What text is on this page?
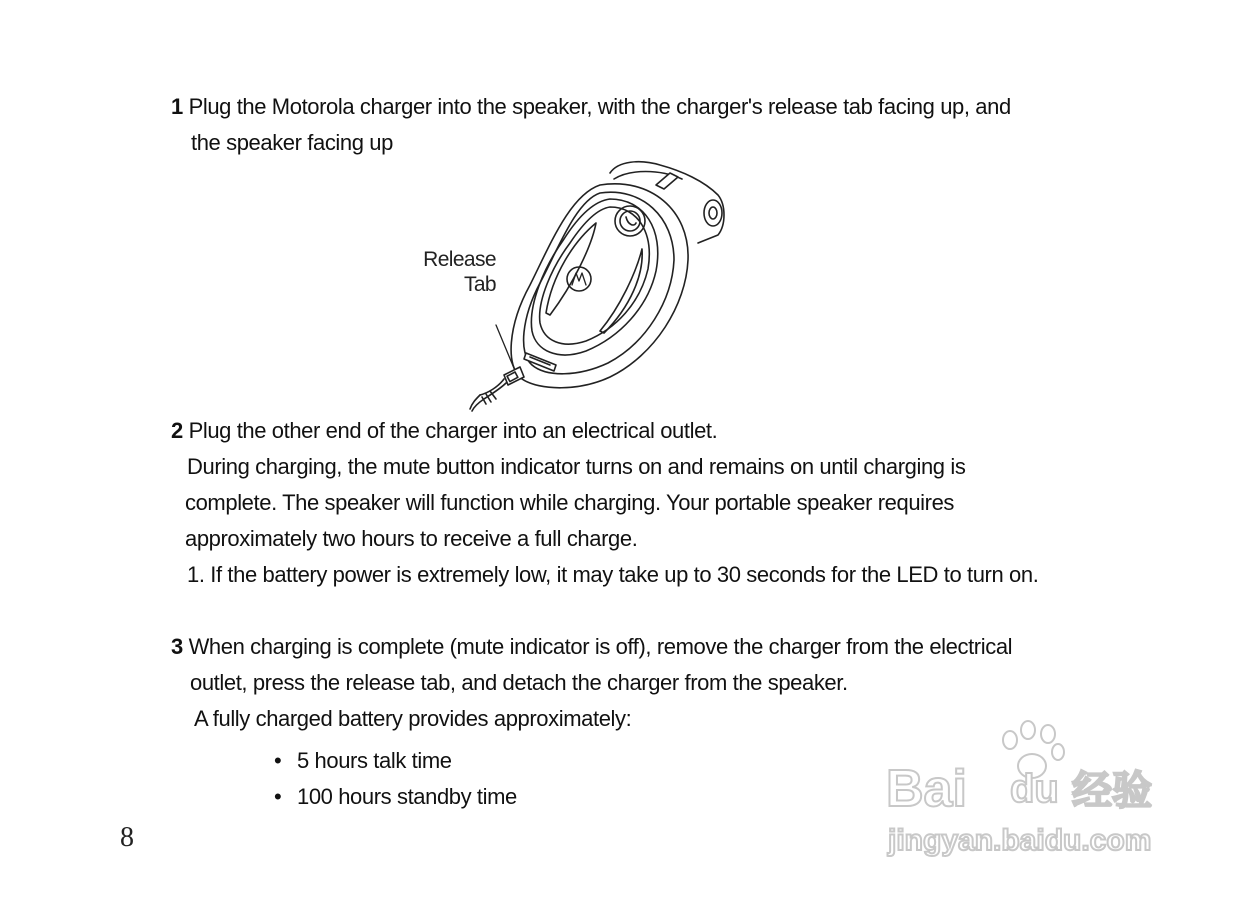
1 Plug the Motorola charger into the speaker, with the charger's release tab facing up, and
the speaker facing up
Release
Tab
M
2 Plug the other end of the charger into an electrical outlet.
During charging, the mute button indicator turns on and remains on until charging is
complete. The speaker will function while charging. Your portable speaker requires
approximately two hours to receive a full charge.
1. If the battery power is extremely low, it may take up to 30 seconds for the LED to turn on.
3 When charging is complete (mute indicator is off), remove the charger from the electrical
outlet, press the release tab, and detach the charger from the speaker.
A fully charged battery provides approximately:
• 5 hours talk time
• 100 hours standby time
8
Bai du 经验
jingyan.baidu.com
